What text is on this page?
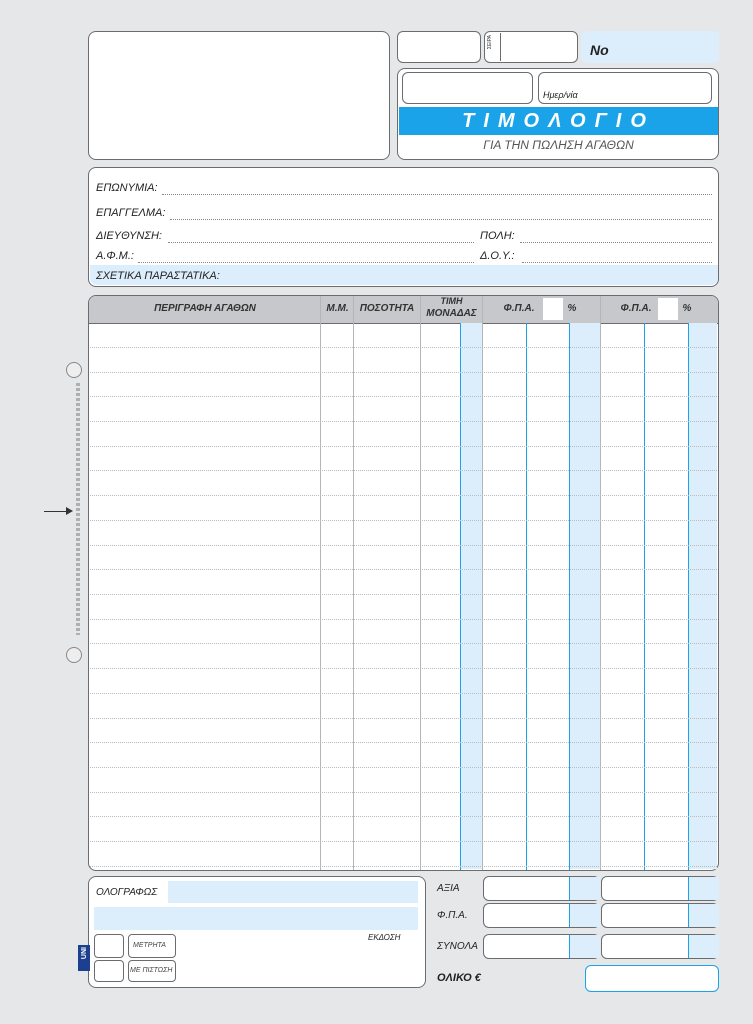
ΣΕΙΡΑ	No
Ημερ/νία
ΤΙΜΟΛΟΓΙΟ
ΓΙΑ ΤΗΝ ΠΩΛΗΣΗ ΑΓΑΘΩΝ
ΕΠΩΝΥΜΙΑ:
ΕΠΑΓΓΕΛΜΑ:
ΔΙΕΥΘΥΝΣΗ:	ΠΟΛΗ:
Α.Φ.Μ.:	Δ.Ο.Υ.:
ΣΧΕΤΙΚΑ ΠΑΡΑΣΤΑΤΙΚΑ:
ΠΕΡΙΓΡΑΦΗ ΑΓΑΘΩΝ	Μ.Μ.	ΠΟΣΟΤΗΤΑ
ΤΙΜΗ
ΜΟΝΑΔΑΣ	Φ.Π.Α.	%	Φ.Π.Α.	%
ΟΛΟΓΡΑΦΩΣ
ΕΚΔΟΣΗ
ΜΕΤΡΗΤΑ
ΜΕ ΠΙΣΤΩΣΗ
UNI
ΑΞΙΑ
Φ.Π.Α.
ΣΥΝΟΛΑ
ΟΛΙΚΟ €
